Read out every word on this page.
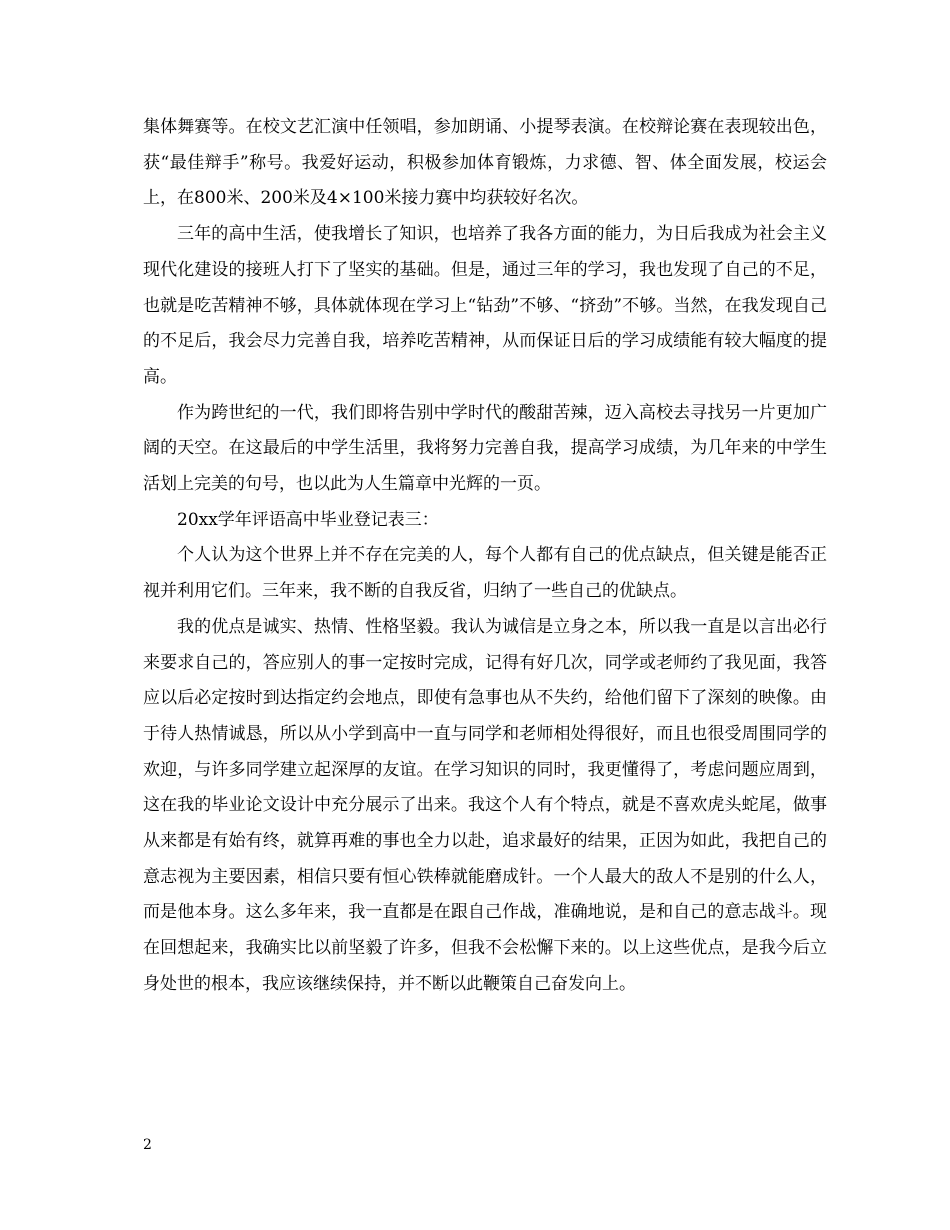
集体舞赛等。在校文艺汇演中任领唱，参加朗诵、小提琴表演。在校辩论赛在表现较出色，获“最佳辩手”称号。我爱好运动，积极参加体育锻炼，力求德、智、体全面发展，校运会上，在800米、200米及4×100米接力赛中均获较好名次。

三年的高中生活，使我增长了知识，也培养了我各方面的能力，为日后我成为社会主义现代化建设的接班人打下了坚实的基础。但是，通过三年的学习，我也发现了自己的不足，也就是吃苦精神不够，具体就体现在学习上“钻劲”不够、“挤劲”不够。当然，在我发现自己的不足后，我会尽力完善自我，培养吃苦精神，从而保证日后的学习成绩能有较大幅度的提高。

作为跨世纪的一代，我们即将告别中学时代的酸甜苦辣，迈入高校去寻找另一片更加广阔的天空。在这最后的中学生活里，我将努力完善自我，提高学习成绩，为几年来的中学生活划上完美的句号，也以此为人生篇章中光辉的一页。

20xx学年评语高中毕业登记表三：

个人认为这个世界上并不存在完美的人，每个人都有自己的优点缺点，但关键是能否正视并利用它们。三年来，我不断的自我反省，归纳了一些自己的优缺点。

我的优点是诚实、热情、性格坚毅。我认为诚信是立身之本，所以我一直是以言出必行来要求自己的，答应别人的事一定按时完成，记得有好几次，同学或老师约了我见面，我答应以后必定按时到达指定约会地点，即使有急事也从不失约，给他们留下了深刻的映像。由于待人热情诚恳，所以从小学到高中一直与同学和老师相处得很好，而且也很受周围同学的欢迎，与许多同学建立起深厚的友谊。在学习知识的同时，我更懂得了，考虑问题应周到，这在我的毕业论文设计中充分展示了出来。我这个人有个特点，就是不喜欢虎头蛇尾，做事从来都是有始有终，就算再难的事也全力以赴，追求最好的结果，正因为如此，我把自己的意志视为主要因素，相信只要有恒心铁棒就能磨成针。一个人最大的敌人不是别的什么人，而是他本身。这么多年来，我一直都是在跟自己作战，准确地说，是和自己的意志战斗。现在回想起来，我确实比以前坚毅了许多，但我不会松懈下来的。以上这些优点，是我今后立身处世的根本，我应该继续保持，并不断以此鞭策自己奋发向上。

2
